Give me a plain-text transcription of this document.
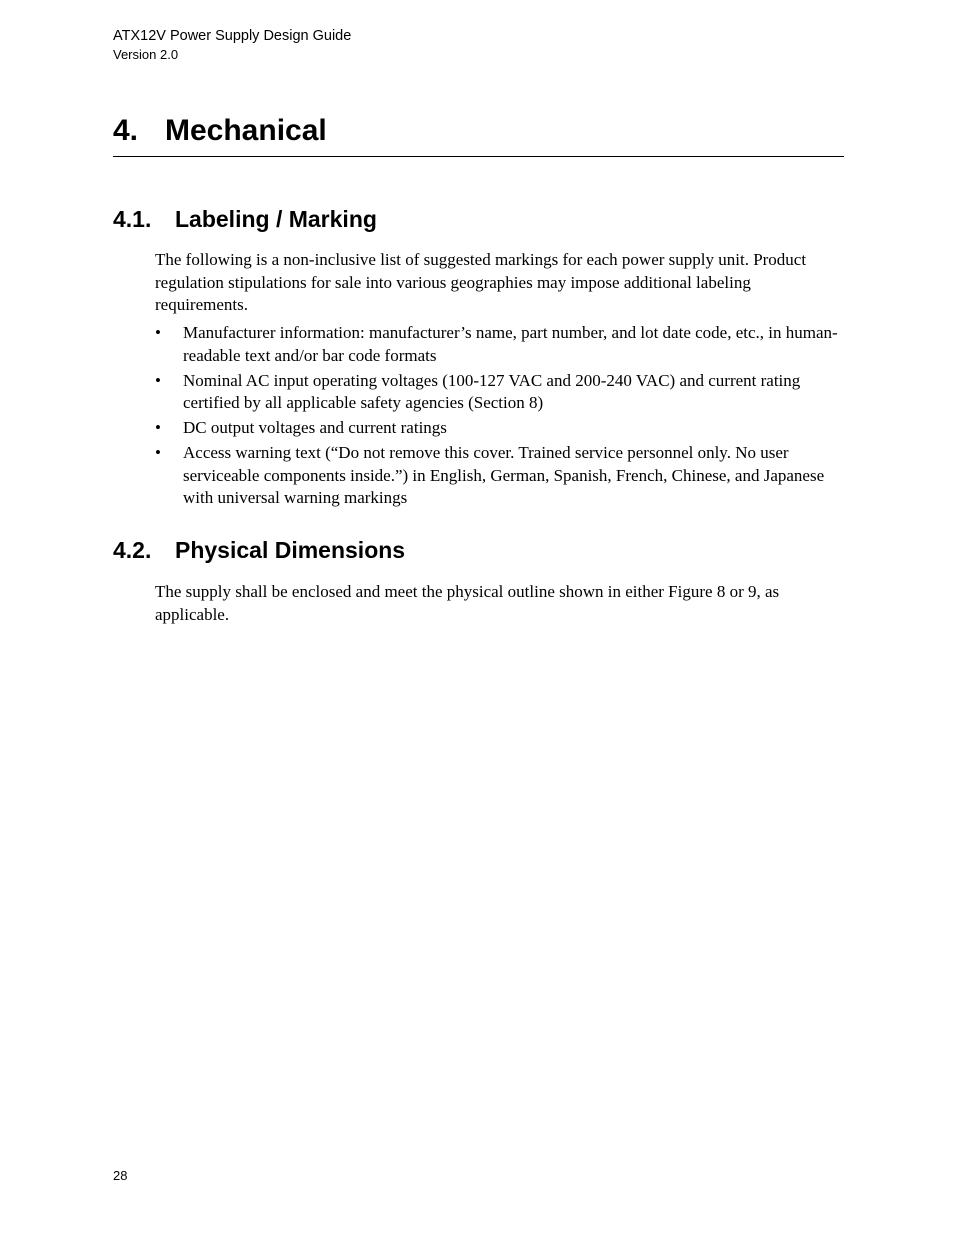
ATX12V Power Supply Design Guide
Version 2.0
4. Mechanical
4.1. Labeling / Marking
The following is a non-inclusive list of suggested markings for each power supply unit. Product regulation stipulations for sale into various geographies may impose additional labeling requirements.
•	Manufacturer information: manufacturer’s name, part number, and lot date code, etc., in human-readable text and/or bar code formats
•	Nominal AC input operating voltages (100-127 VAC and 200-240 VAC) and current rating certified by all applicable safety agencies (Section 8)
•	DC output voltages and current ratings
•	Access warning text (“Do not remove this cover. Trained service personnel only. No user serviceable components inside.”) in English, German, Spanish, French, Chinese, and Japanese with universal warning markings
4.2. Physical Dimensions
The supply shall be enclosed and meet the physical outline shown in either Figure 8 or 9, as applicable.
28
